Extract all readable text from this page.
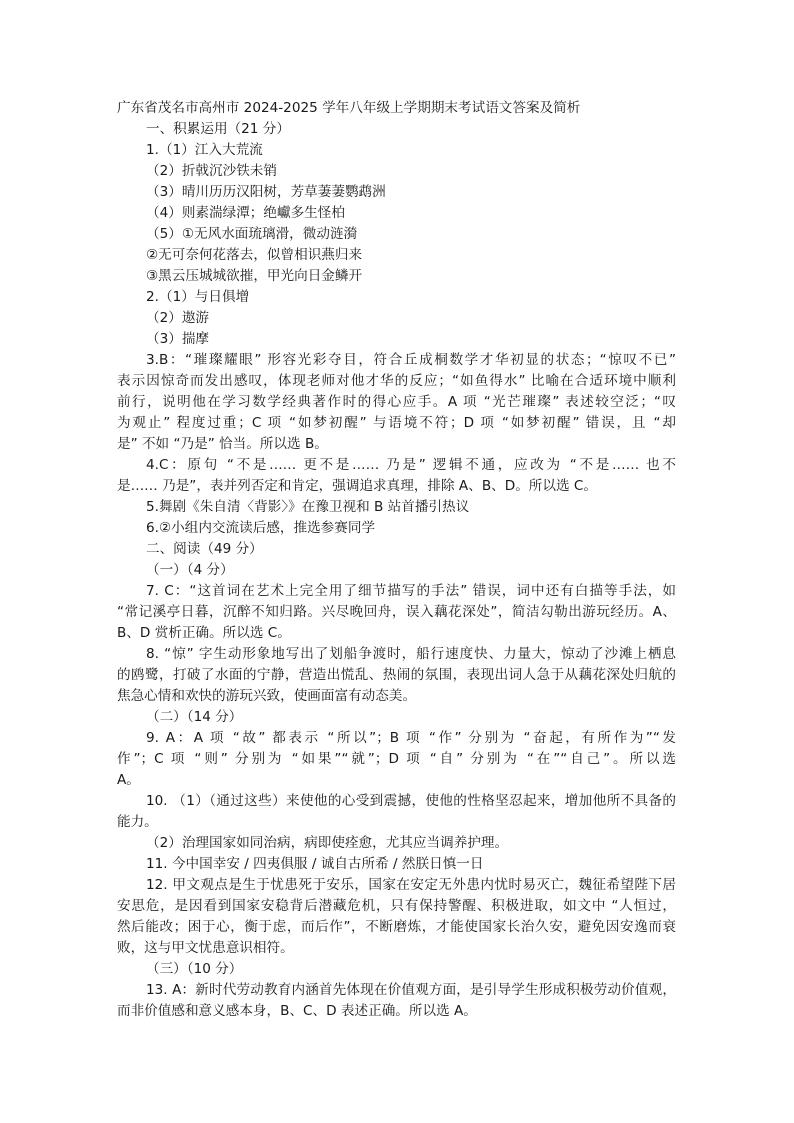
广东省茂名市高州市 2024-2025 学年八年级上学期期末考试语文答案及简析
一、积累运用（21 分）
1.（1）江入大荒流
（2）折戟沉沙铁未销
（3）晴川历历汉阳树，芳草萋萋鹦鹉洲
（4）则素湍绿潭；绝巘多生怪柏
（5）①无风水面琉璃滑，微动涟漪
②无可奈何花落去，似曾相识燕归来
③黑云压城城欲摧，甲光向日金鳞开
2.（1）与日俱增
（2）遨游
（3）揣摩
3.B：“璀璨耀眼” 形容光彩夺目，符合丘成桐数学才华初显的状态；“惊叹不已”
表示因惊奇而发出感叹，体现老师对他才华的反应；“如鱼得水” 比喻在合适环境中顺利
前行，说明他在学习数学经典著作时的得心应手。A 项 “光芒璀璨” 表述较空泛；“叹
为观止” 程度过重；C 项 “如梦初醒” 与语境不符；D 项 “如梦初醒” 错误，且 “却
是” 不如 “乃是” 恰当。所以选 B。
4.C：原句 “不是…… 更不是…… 乃是” 逻辑不通，应改为 “不是…… 也不
是…… 乃是”，表并列否定和肯定，强调追求真理，排除 A、B、D。所以选 C。
5.舞剧《朱自清〈背影〉》在豫卫视和 B 站首播引热议
6.②小组内交流读后感，推选参赛同学
二、阅读（49 分）
（一）（4 分）
7. C：“这首词在艺术上完全用了细节描写的手法” 错误，词中还有白描等手法，如
“常记溪亭日暮，沉醉不知归路。兴尽晚回舟，误入藕花深处”，简洁勾勒出游玩经历。A、
B、D 赏析正确。所以选 C。
8. “惊” 字生动形象地写出了划船争渡时，船行速度快、力量大，惊动了沙滩上栖息
的鸥鹭，打破了水面的宁静，营造出慌乱、热闹的氛围，表现出词人急于从藕花深处归航的
焦急心情和欢快的游玩兴致，使画面富有动态美。
（二）（14 分）
9. A：A 项 “故” 都表示 “所以”；B 项 “作” 分别为 “奋起，有所作为”“发
作”；C 项 “则” 分别为 “如果”“就”；D 项 “自” 分别为 “在”“自己”。所以选
A。
10. （1）（通过这些）来使他的心受到震撼，使他的性格坚忍起来，增加他所不具备的
能力。
（2）治理国家如同治病，病即使痊愈，尤其应当调养护理。
11. 今中国幸安 / 四夷俱服 / 诚自古所希 / 然朕日慎一日
12. 甲文观点是生于忧患死于安乐，国家在安定无外患内忧时易灭亡，魏征希望陛下居
安思危，是因看到国家安稳背后潜藏危机，只有保持警醒、积极进取，如文中 “人恒过，
然后能改；困于心，衡于虑，而后作”，不断磨炼，才能使国家长治久安，避免因安逸而衰
败，这与甲文忧患意识相符。
（三）（10 分）
13. A：新时代劳动教育内涵首先体现在价值观方面，是引导学生形成积极劳动价值观，
而非价值感和意义感本身，B、C、D 表述正确。所以选 A。
